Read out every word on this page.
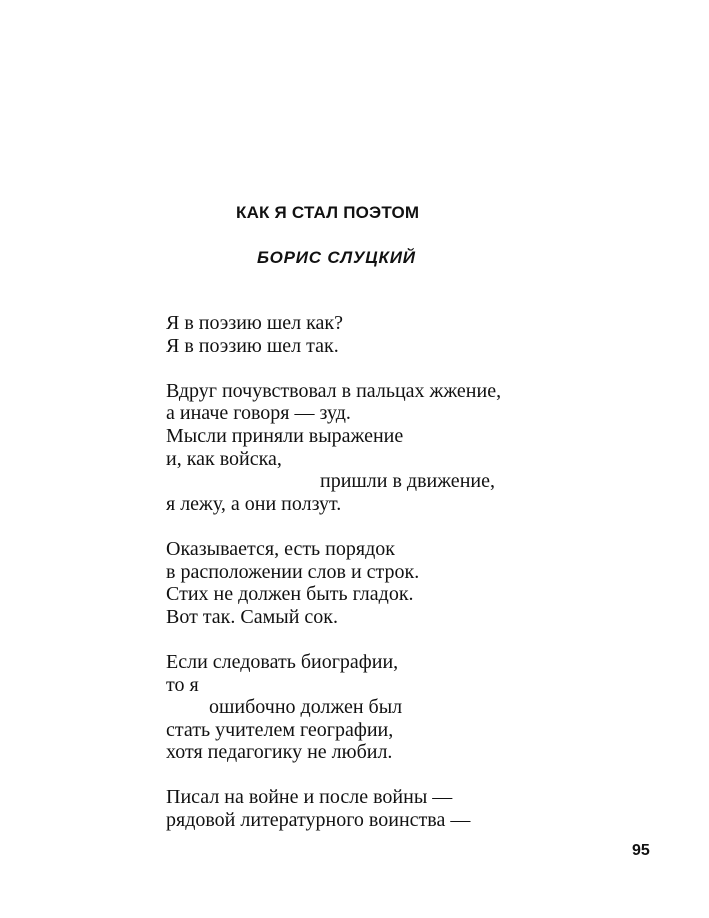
КАК Я СТАЛ ПОЭТОМ
БОРИС СЛУЦКИЙ
Я в поэзию шел как?
Я в поэзию шел так.
Вдруг почувствовал в пальцах жжение,
а иначе говоря — зуд.
Мысли приняли выражение
и, как войска,
пришли в движение,
я лежу, а они ползут.
Оказывается, есть порядок
в расположении слов и строк.
Стих не должен быть гладок.
Вот так. Самый сок.
Если следовать биографии,
то я
ошибочно должен был
стать учителем географии,
хотя педагогику не любил.
Писал на войне и после войны —
рядовой литературного воинства —
95
